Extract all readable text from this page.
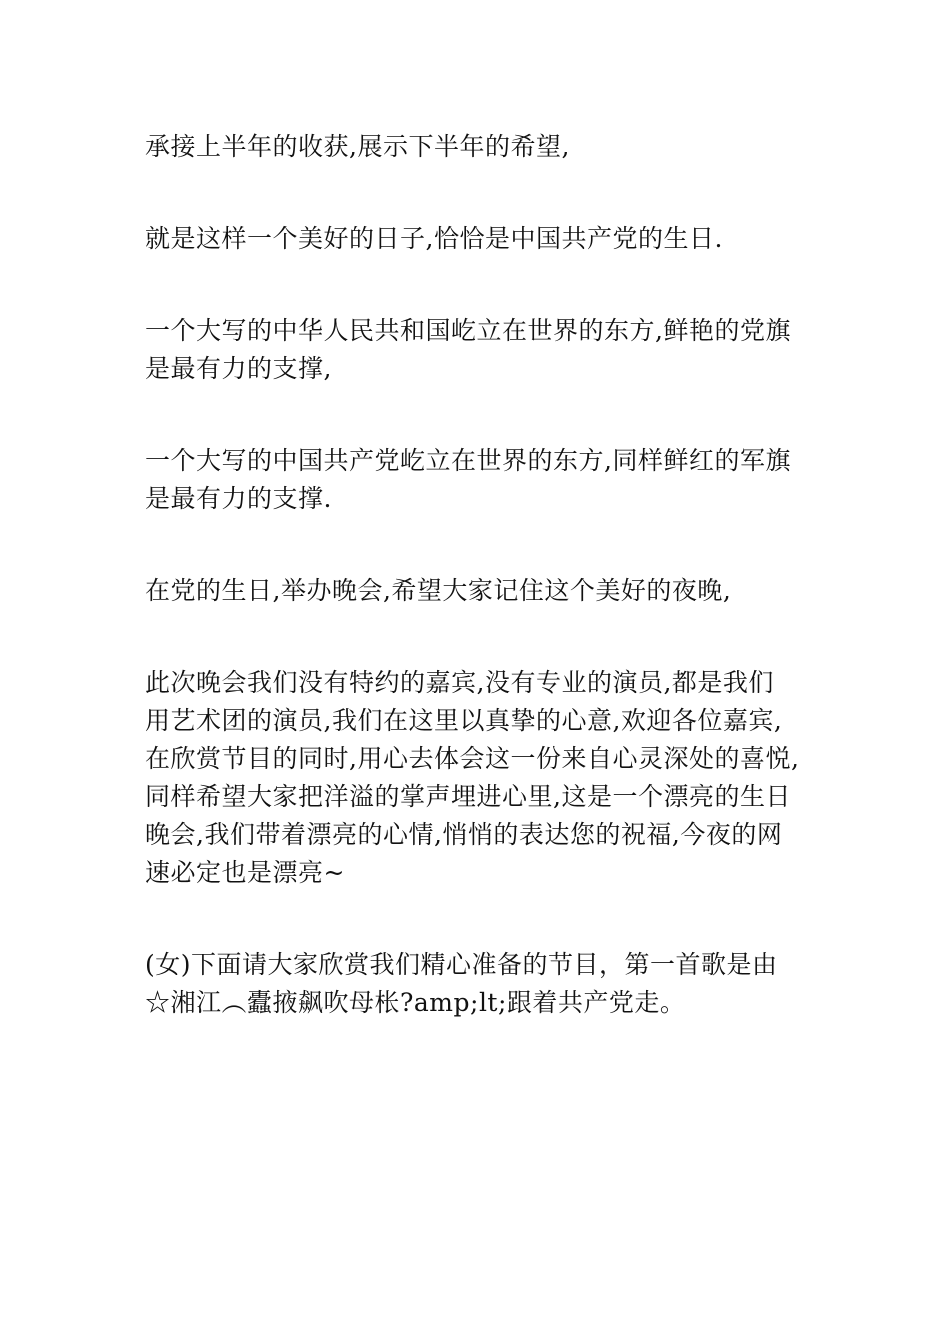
承接上半年的收获,展示下半年的希望,

就是这样一个美好的日子,恰恰是中国共产党的生日.

一个大写的中华人民共和国屹立在世界的东方,鲜艳的党旗
是最有力的支撑,

一个大写的中国共产党屹立在世界的东方,同样鲜红的军旗
是最有力的支撑.

在党的生日,举办晚会,希望大家记住这个美好的夜晚,

此次晚会我们没有特约的嘉宾,没有专业的演员,都是我们
用艺术团的演员,我们在这里以真挚的心意,欢迎各位嘉宾,
在欣赏节目的同时,用心去体会这一份来自心灵深处的喜悦,
同样希望大家把洋溢的掌声埋进心里,这是一个漂亮的生日
晚会,我们带着漂亮的心情,悄悄的表达您的祝福,今夜的网
速必定也是漂亮~

(女)下面请大家欣赏我们精心准备的节目，第一首歌是由
☆湘江︵蠹掖飙吹母枨?amp;lt;跟着共产党走。
